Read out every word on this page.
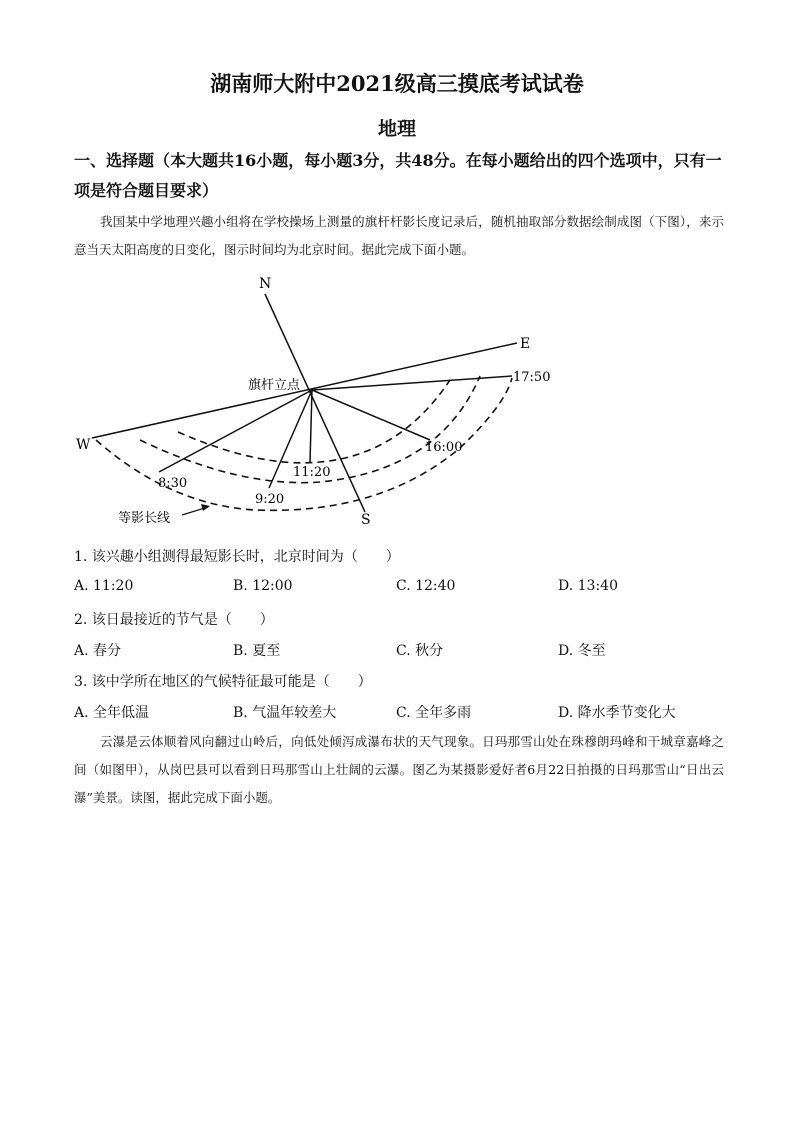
湖南师大附中2021级高三摸底考试试卷
地理
一、选择题（本大题共16小题，每小题3分，共48分。在每小题给出的四个选项中，只有一项是符合题目要求）
我国某中学地理兴趣小组将在学校操场上测量的旗杆杆影长度记录后，随机抽取部分数据绘制成图（下图），来示意当天太阳高度的日变化，图示时间均为北京时间。据此完成下面小题。
N
S
E
W
旗杆立点
等影长线
8:30
9:20
11:20
16:00
17:50
1. 该兴趣小组测得最短影长时，北京时间为（　　）
A. 11:20	B. 12:00	C. 12:40	D. 13:40
2. 该日最接近的节气是（　　）
A. 春分	B. 夏至	C. 秋分	D. 冬至
3. 该中学所在地区的气候特征最可能是（　　）
A. 全年低温	B. 气温年较差大	C. 全年多雨	D. 降水季节变化大
云瀑是云体顺着风向翻过山岭后，向低处倾泻成瀑布状的天气现象。日玛那雪山处在珠穆朗玛峰和干城章嘉峰之间（如图甲），从岗巴县可以看到日玛那雪山上壮阔的云瀑。图乙为某摄影爱好者6月22日拍摄的日玛那雪山“日出云瀑”美景。读图，据此完成下面小题。
